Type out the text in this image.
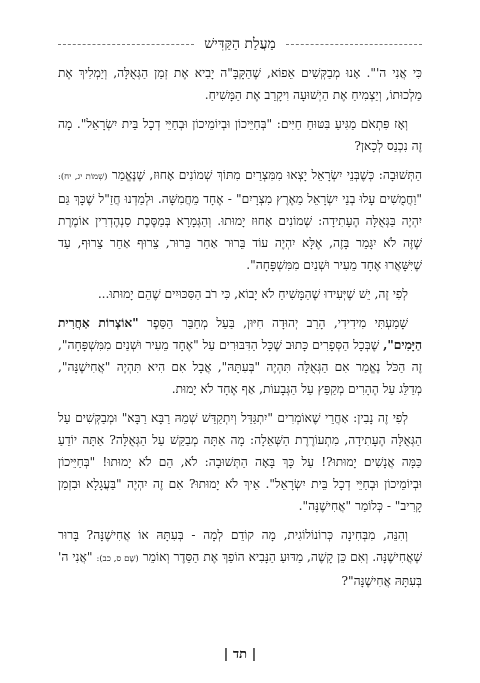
מַעֲלַת הַקַּדִּישׁ

כִּי אֲנִי ה'". אָנוּ מְבַקְּשִׁים אֵפוֹא, שֶׁהַקָּבָּ"ה יָבִיא אֶת זְמַן הַגְּאֻלָּה, וְיַמְלִיךְ אֶת מַלְכוּתוֹ, וְיַצְמִיחַ אֶת הַיְשׁוּעָה וִיקָרֵב אֶת הַמָּשִׁיחַ.

וְאָז פִּתְאֹם מַגִּיעַ בִּטּוּחַ חַיִּים: "בְּחַיֵּיכוֹן וּבְיוֹמֵיכוֹן וּבְחַיֵּי דְכָל בֵּית יִשְׂרָאֵל". מָה זֶה נִכְנַס לְכָאן?

הַתְּשׁוּבָה: כְּשֶׁבְּנֵי יִשְׂרָאֵל יָצְאוּ מִמִּצְרַיִם מִתּוֹךְ שְׁמוֹנִים אָחוּז, שֶׁנֶּאֱמַר (שְׁמוֹת יג, יח): "וַחֲמֻשִׁים עָלוּ בְנֵי יִשְׂרָאֵל מֵאֶרֶץ מִצְרָיִם" - אֶחָד מֵחֲמִשָּׁה. וּלְמַדְנוּ חֲזַ"ל שֶׁכָּךְ גַּם יִהְיֶה בַּגְּאֻלָּה הֶעָתִידָה: שְׁמוֹנִים אָחוּז יָמוּתוּ. וְהַגְּמָרָא בְּמַסֶּכֶת סַנְהֶדְרִין אוֹמֶרֶת שֶׁזֶּה לֹא יִגָּמֵר בָּזֶה, אֶלָּא יִהְיֶה עוֹד בֵּרוּר אַחַר בֵּרוּר, צֵרוּף אַחַר צֵרוּף, עַד שֶׁיִּשָּׁאֲרוּ אֶחָד מֵעִיר וּשְׁנַיִם מִמִּשְׁפָּחָה".

לְפִי זֶה, יֵשׁ שֶׁיְּעִידוּ שֶׁהַמָּשִׁיחַ לֹא יָבוֹא, כִּי רֹב הַסִּכּוּיִים שֶׁהֵם יָמוּתוּ...

שָׁמַעְתִּי מִידִידִי, הָרַב יְהוּדָה חִיּוּן, בַּעַל מְחַבֵּר הַסֵּפֶר "אוֹצְרוֹת אַחֲרִית הַיָּמִים", שֶׁבְּכָל הַסְּפָרִים כָּתוּב שֶׁכָּל הַדִּבּוּרִים עַל "אֶחָד מֵעִיר וּשְׁנַיִם מִמִּשְׁפָּחָה", זֶה הַכֹּל נֶאֱמַר אִם הַגְּאֻלָּה תִּהְיֶה "בְּעִתָּהּ", אֲבָל אִם הִיא תִּהְיֶה "אֲחִישֶׁנָּה", מְדַלֵּג עַל הֶהָרִים מְקַפֵּץ עַל הַגְּבָעוֹת, אַף אֶחָד לֹא יָמוּת.

לְפִי זֶה נָבִין: אַחֲרֵי שֶׁאוֹמְרִים "יִתְגַּדַּל וְיִתְקַדַּשׁ שְׁמֵהּ רַבָּא רַבָּא" וּמְבַקְּשִׁים עַל הַגְּאֻלָּה הֶעָתִידָה, מִתְעוֹרֶרֶת הַשְּׁאֵלָה: מָה אַתָּה מְבַקֵּשׁ עַל הַגְּאֻלָּה? אַתָּה יוֹדֵעַ כַּמָּה אֲנָשִׁים יָמוּתוּ?! עַל כָּךְ בָּאָה הַתְּשׁוּבָה: לֹא, הֵם לֹא יָמוּתוּ! "בְּחַיֵּיכוֹן וּבְיוֹמֵיכוֹן וּבְחַיֵּי דְכָל בֵּית יִשְׂרָאֵל". אֵיךְ לֹא יָמוּתוּ? אִם זֶה יִהְיֶה "בַּעֲגָלָא וּבִזְמַן קָרִיב" - כְּלוֹמַר "אֲחִישֶׁנָּה".

וְהִנֵּה, מִבְּחִינָה כְּרוֹנוֹלוֹגִית, מָה קוֹדֵם לְמָה - בְּעִתָּהּ אוֹ אֲחִישֶׁנָּה? בָּרוּר שֶׁאֲחִישֶׁנָּה. וְאִם כֵּן קָשֶׁה, מַדּוּעַ הַנָּבִיא הוֹפֵךְ אֶת הַסֵּדֶר וְאוֹמֵר (שָׁם ס, כב): "אֲנִי ה' בְּעִתָּהּ אֲחִישֶׁנָּה"?

| תד |
